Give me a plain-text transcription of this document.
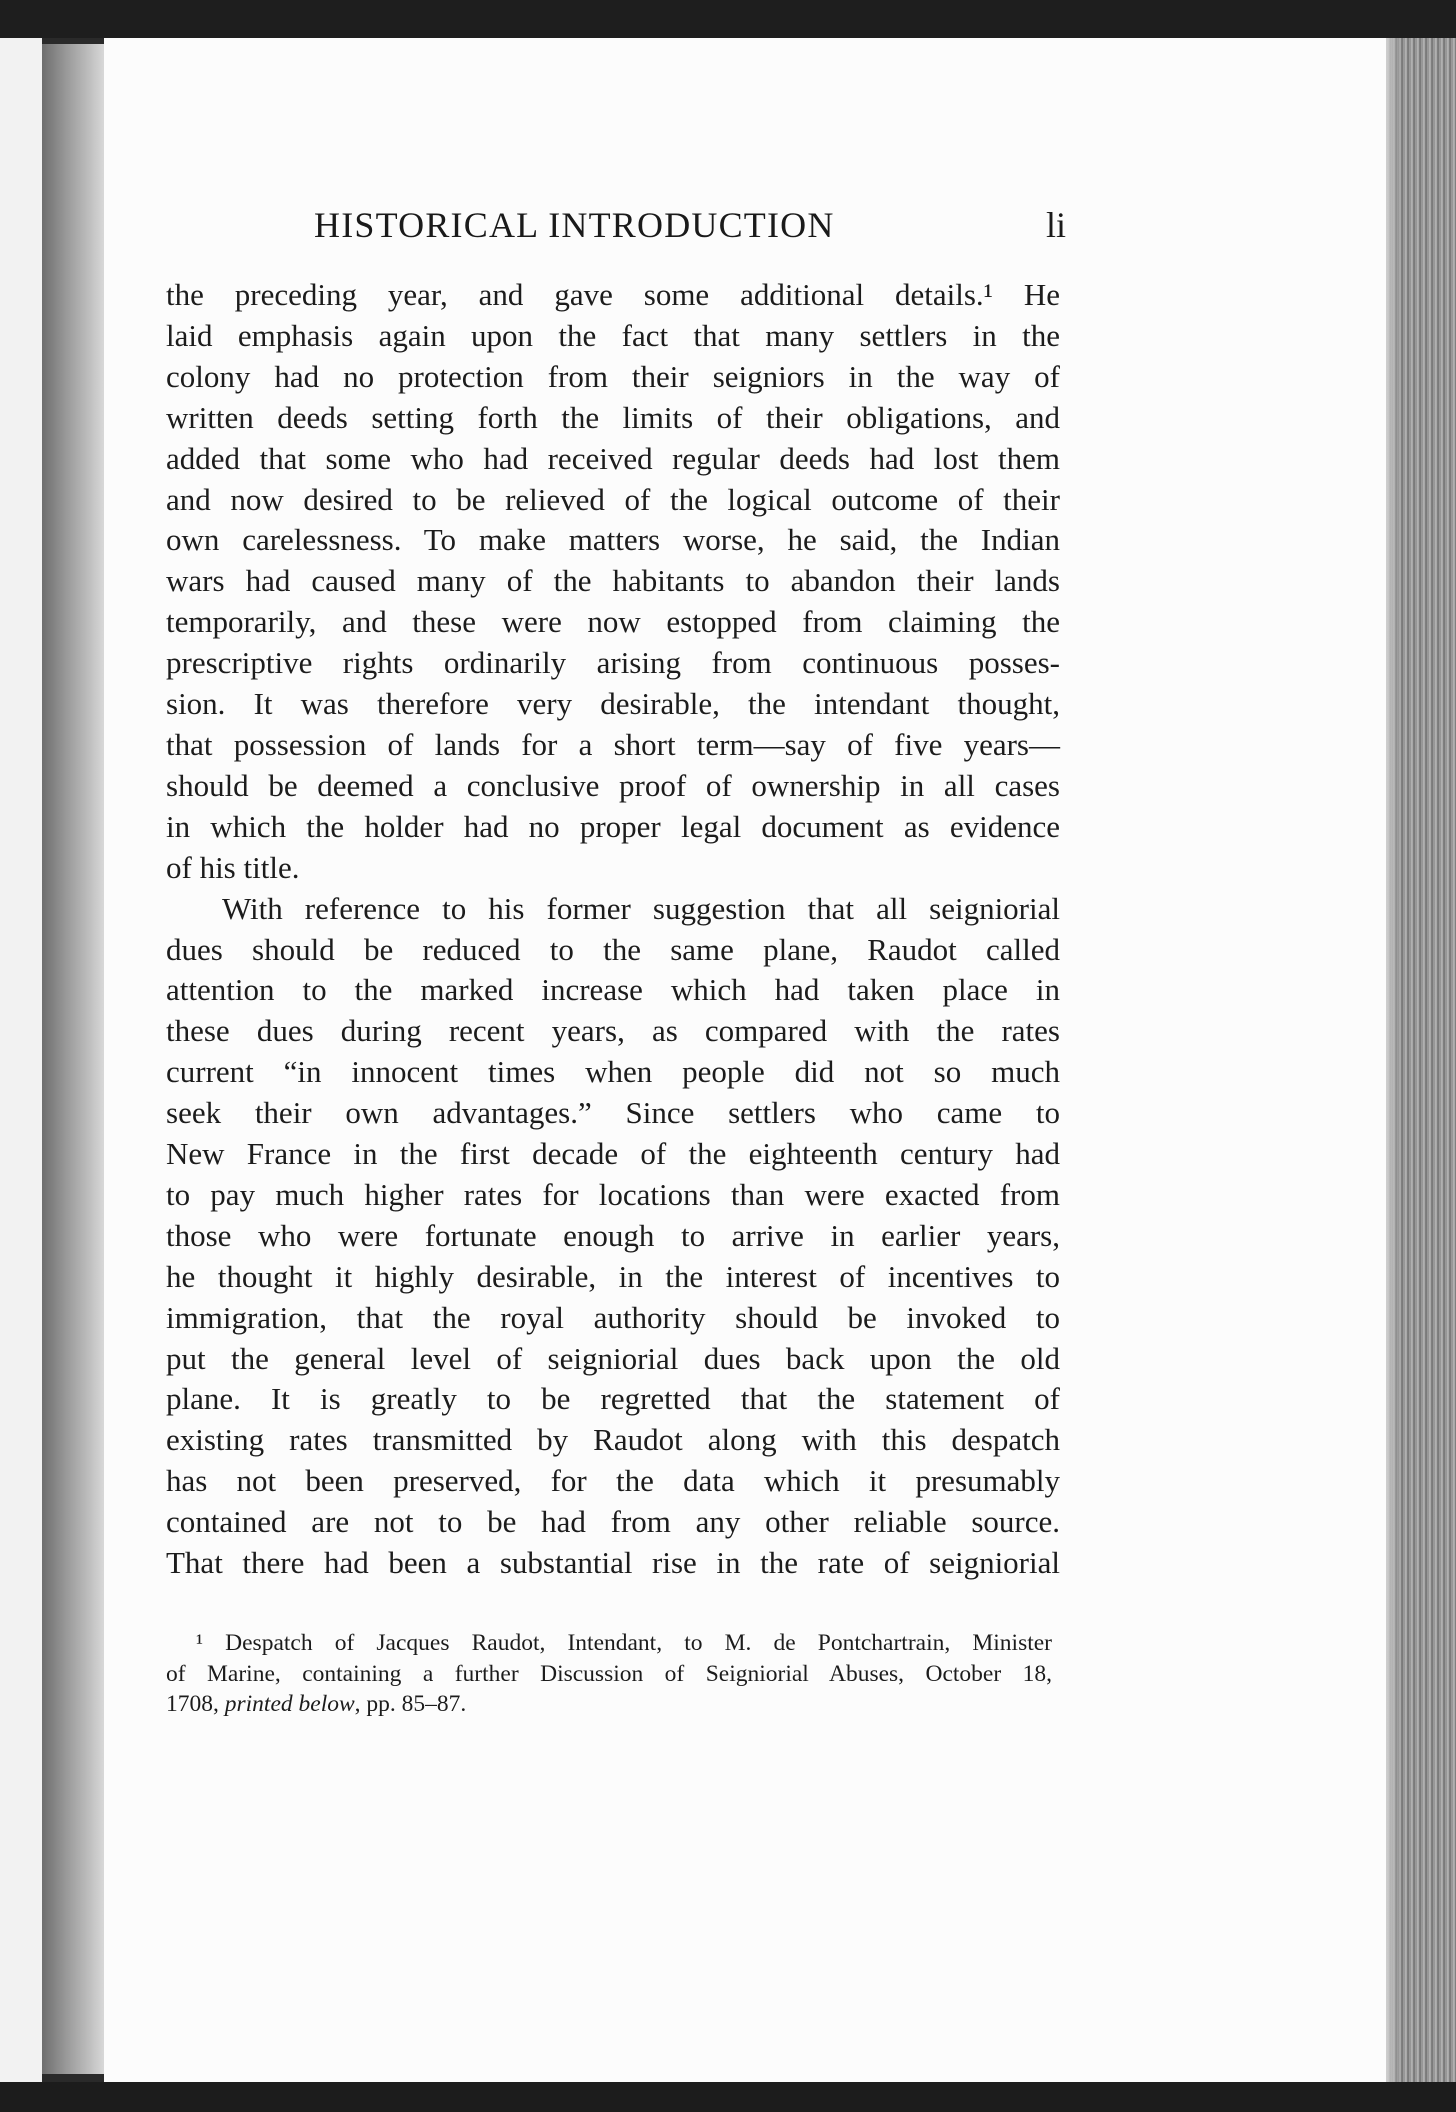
HISTORICAL INTRODUCTION	li
the preceding year, and gave some additional details.¹ He
laid emphasis again upon the fact that many settlers in the
colony had no protection from their seigniors in the way of
written deeds setting forth the limits of their obligations, and
added that some who had received regular deeds had lost them
and now desired to be relieved of the logical outcome of their
own carelessness. To make matters worse, he said, the Indian
wars had caused many of the habitants to abandon their lands
temporarily, and these were now estopped from claiming the
prescriptive rights ordinarily arising from continuous posses-
sion. It was therefore very desirable, the intendant thought,
that possession of lands for a short term—say of five years—
should be deemed a conclusive proof of ownership in all cases
in which the holder had no proper legal document as evidence
of his title.
With reference to his former suggestion that all seigniorial
dues should be reduced to the same plane, Raudot called
attention to the marked increase which had taken place in
these dues during recent years, as compared with the rates
current “in innocent times when people did not so much
seek their own advantages.” Since settlers who came to
New France in the first decade of the eighteenth century had
to pay much higher rates for locations than were exacted from
those who were fortunate enough to arrive in earlier years,
he thought it highly desirable, in the interest of incentives to
immigration, that the royal authority should be invoked to
put the general level of seigniorial dues back upon the old
plane. It is greatly to be regretted that the statement of
existing rates transmitted by Raudot along with this despatch
has not been preserved, for the data which it presumably
contained are not to be had from any other reliable source.
That there had been a substantial rise in the rate of seigniorial
¹ Despatch of Jacques Raudot, Intendant, to M. de Pontchartrain, Minister
of Marine, containing a further Discussion of Seigniorial Abuses, October 18,
1708, printed below, pp. 85–87.
